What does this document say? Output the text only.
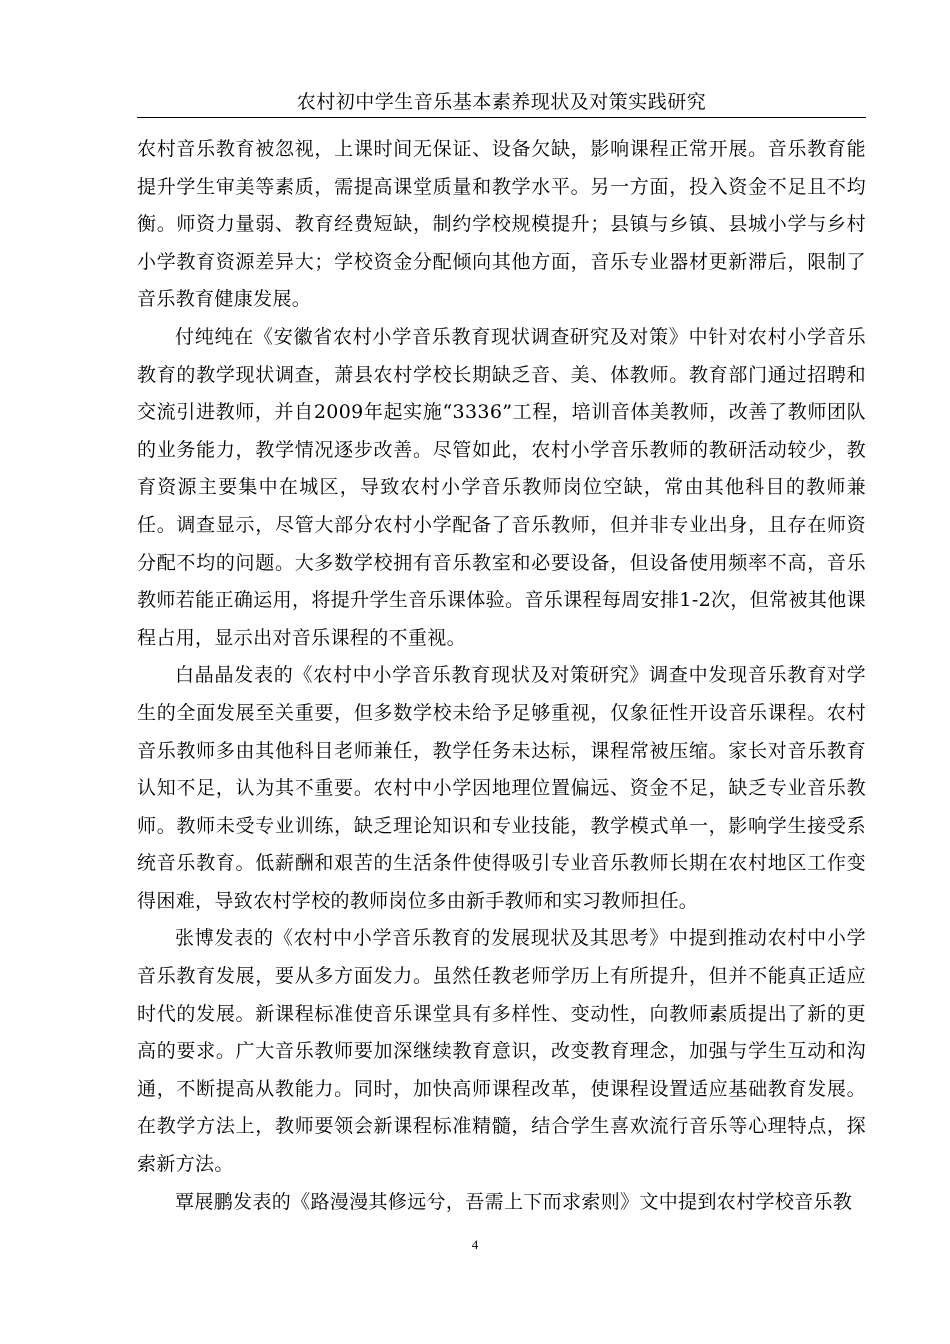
农村初中学生音乐基本素养现状及对策实践研究

农村音乐教育被忽视，上课时间无保证、设备欠缺，影响课程正常开展。音乐教育能提升学生审美等素质，需提高课堂质量和教学水平。另一方面，投入资金不足且不均衡。师资力量弱、教育经费短缺，制约学校规模提升；县镇与乡镇、县城小学与乡村小学教育资源差异大；学校资金分配倾向其他方面，音乐专业器材更新滞后，限制了音乐教育健康发展。

付纯纯在《安徽省农村小学音乐教育现状调查研究及对策》中针对农村小学音乐教育的教学现状调查，萧县农村学校长期缺乏音、美、体教师。教育部门通过招聘和交流引进教师，并自2009年起实施“3336”工程，培训音体美教师，改善了教师团队的业务能力，教学情况逐步改善。尽管如此，农村小学音乐教师的教研活动较少，教育资源主要集中在城区，导致农村小学音乐教师岗位空缺，常由其他科目的教师兼任。调查显示，尽管大部分农村小学配备了音乐教师，但并非专业出身，且存在师资分配不均的问题。大多数学校拥有音乐教室和必要设备，但设备使用频率不高，音乐教师若能正确运用，将提升学生音乐课体验。音乐课程每周安排1-2次，但常被其他课程占用，显示出对音乐课程的不重视。

白晶晶发表的《农村中小学音乐教育现状及对策研究》调查中发现音乐教育对学生的全面发展至关重要，但多数学校未给予足够重视，仅象征性开设音乐课程。农村音乐教师多由其他科目老师兼任，教学任务未达标，课程常被压缩。家长对音乐教育认知不足，认为其不重要。农村中小学因地理位置偏远、资金不足，缺乏专业音乐教师。教师未受专业训练，缺乏理论知识和专业技能，教学模式单一，影响学生接受系统音乐教育。低薪酬和艰苦的生活条件使得吸引专业音乐教师长期在农村地区工作变得困难，导致农村学校的教师岗位多由新手教师和实习教师担任。

张博发表的《农村中小学音乐教育的发展现状及其思考》中提到推动农村中小学音乐教育发展，要从多方面发力。虽然任教老师学历上有所提升，但并不能真正适应时代的发展。新课程标准使音乐课堂具有多样性、变动性，向教师素质提出了新的更高的要求。广大音乐教师要加深继续教育意识，改变教育理念，加强与学生互动和沟通，不断提高从教能力。同时，加快高师课程改革，使课程设置适应基础教育发展。在教学方法上，教师要领会新课程标准精髓，结合学生喜欢流行音乐等心理特点，探索新方法。

覃展鹏发表的《路漫漫其修远兮，吾需上下而求索则》文中提到农村学校音乐教

4
